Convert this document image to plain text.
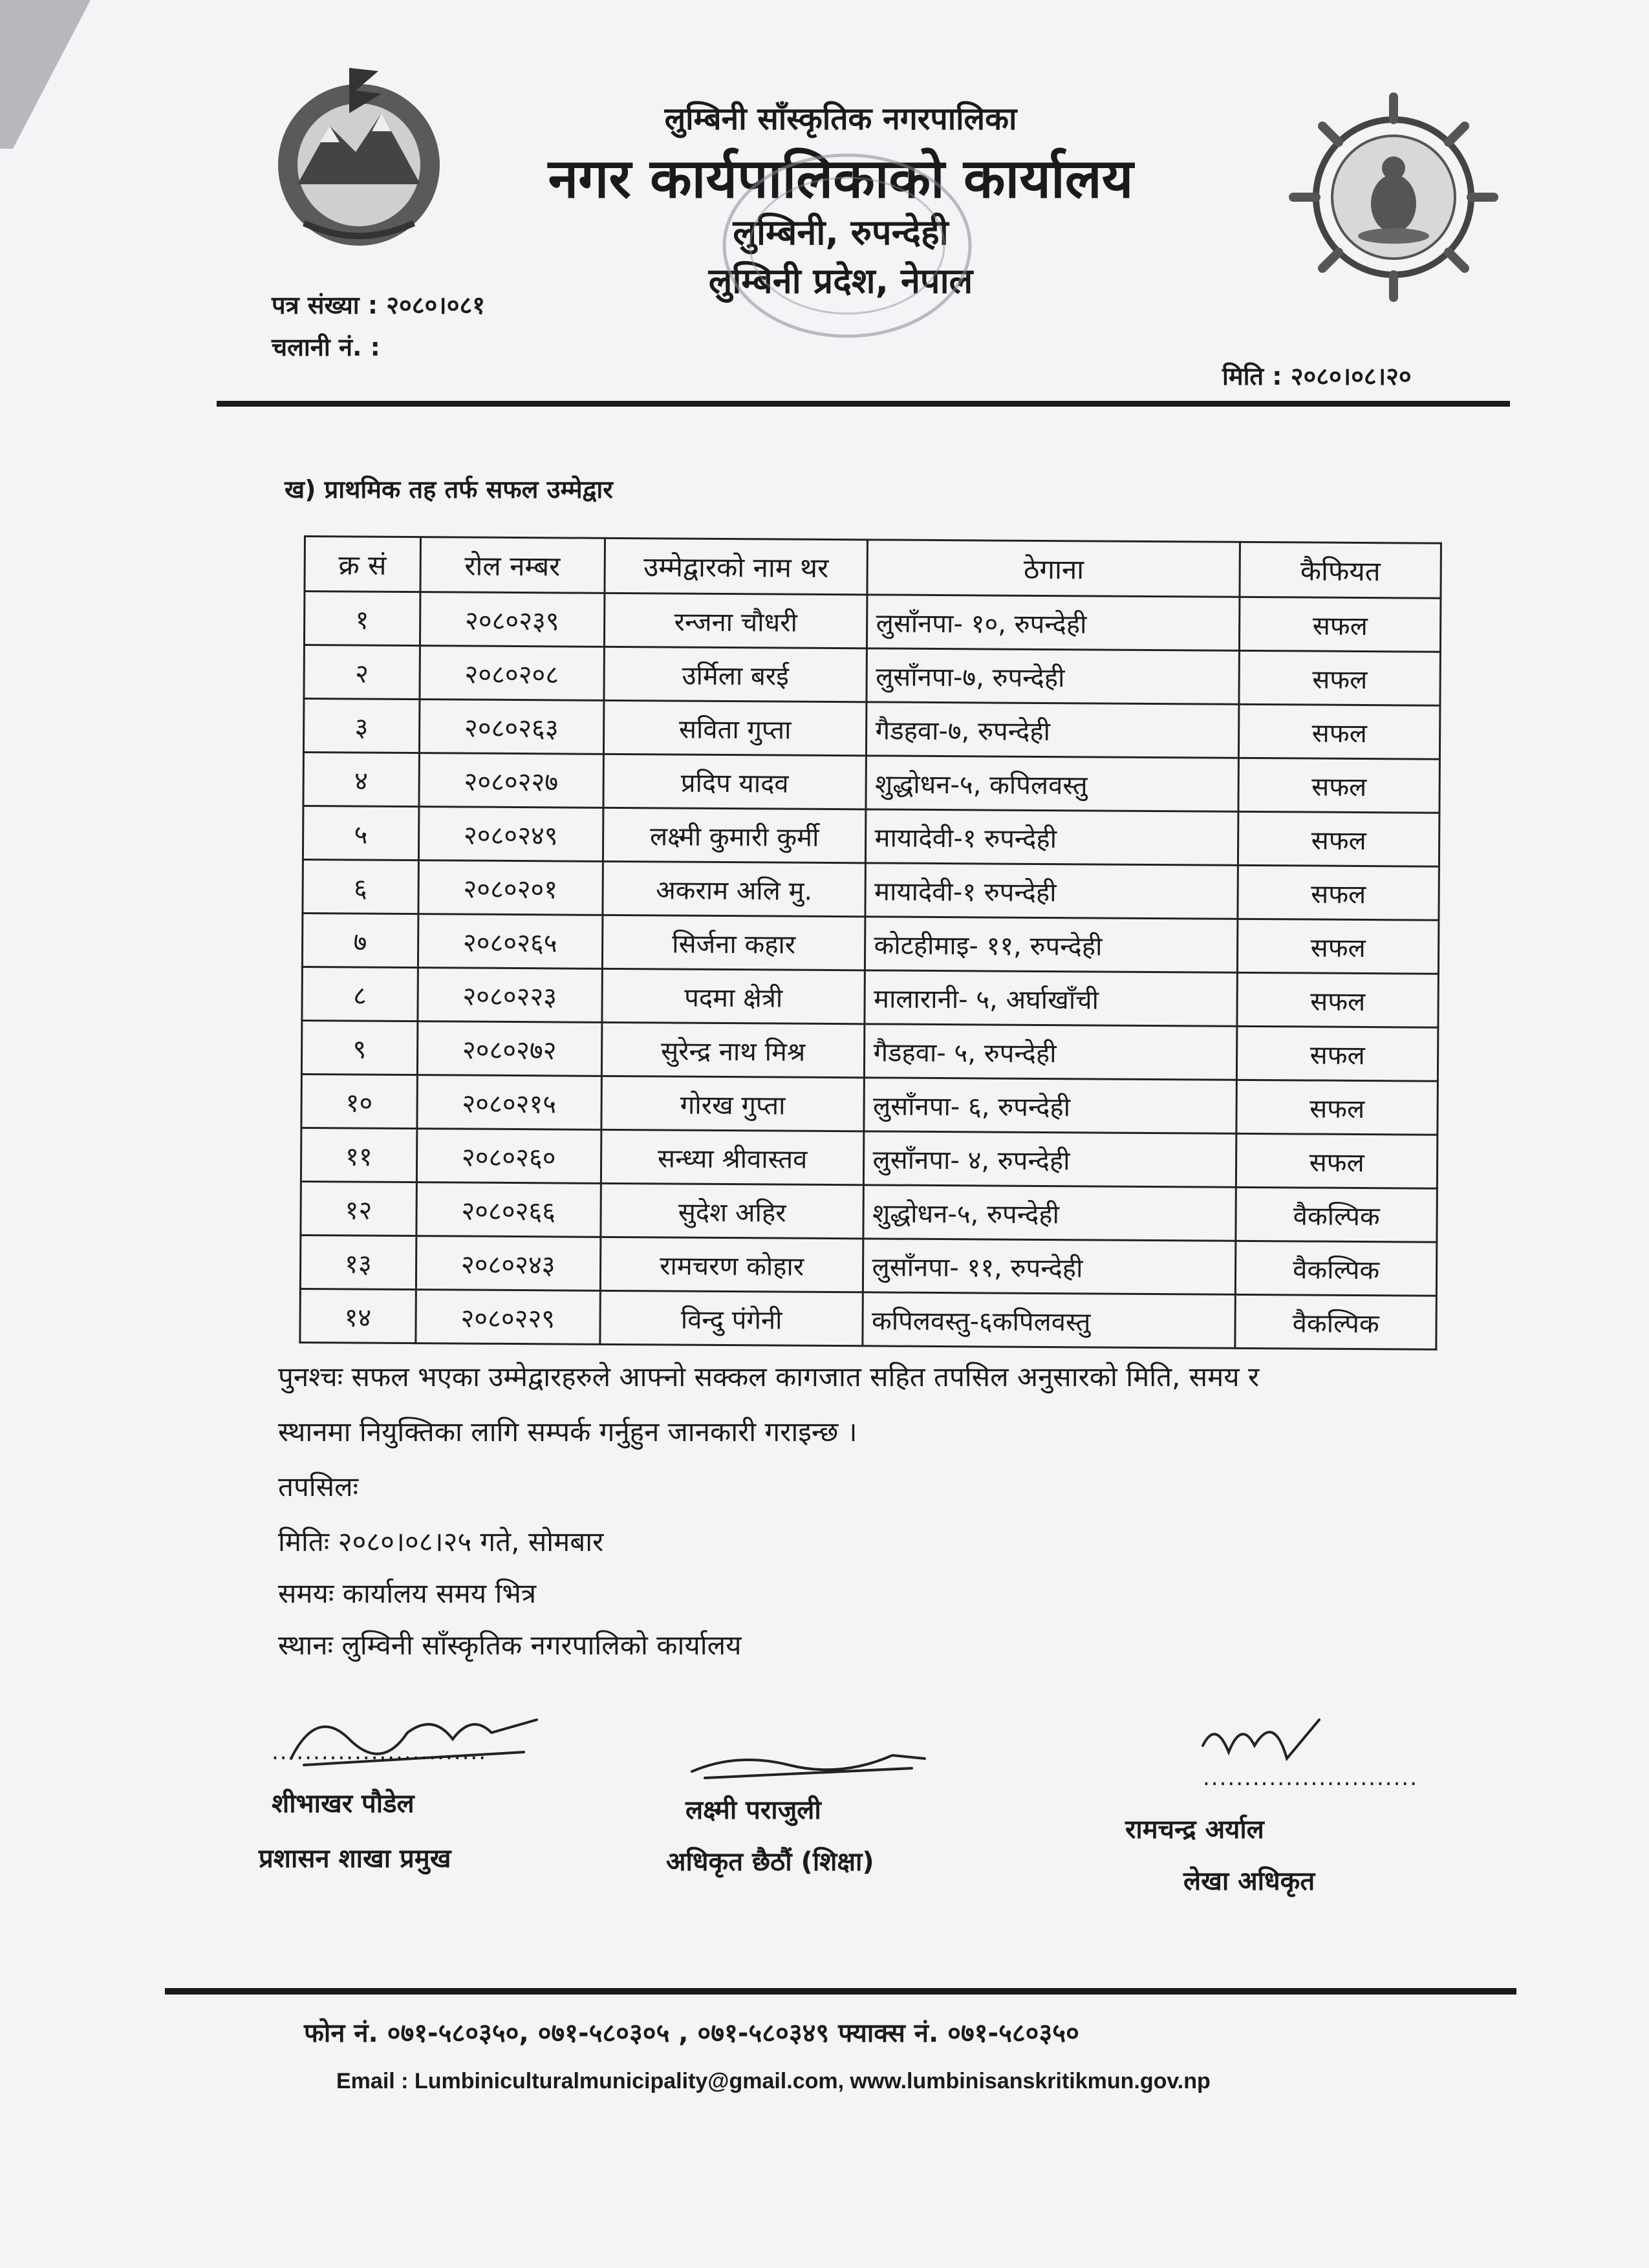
लुम्बिनी साँस्कृतिक नगरपालिका
नगर कार्यपालिकाको कार्यालय
लुम्बिनी, रुपन्देही
लुम्बिनी प्रदेश, नेपाल
पत्र संख्या : २०८०।०८१
चलानी नं. :
मिति : २०८०।०८।२०
ख) प्राथमिक तह तर्फ सफल उम्मेद्वार
क्र सं	रोल नम्बर	उम्मेद्वारको नाम थर	ठेगाना	कैफियत
१	२०८०२३९	रन्जना चौधरी	लुसाँनपा- १०, रुपन्देही	सफल
२	२०८०२०८	उर्मिला बरई	लुसाँनपा-७, रुपन्देही	सफल
३	२०८०२६३	सविता गुप्ता	गैडहवा-७, रुपन्देही	सफल
४	२०८०२२७	प्रदिप यादव	शुद्धोधन-५, कपिलवस्तु	सफल
५	२०८०२४९	लक्ष्मी कुमारी कुर्मी	मायादेवी-१ रुपन्देही	सफल
६	२०८०२०१	अकराम अलि मु.	मायादेवी-१ रुपन्देही	सफल
७	२०८०२६५	सिर्जना कहार	कोटहीमाइ- ११, रुपन्देही	सफल
८	२०८०२२३	पदमा क्षेत्री	मालारानी- ५, अर्घाखाँची	सफल
९	२०८०२७२	सुरेन्द्र नाथ मिश्र	गैडहवा- ५, रुपन्देही	सफल
१०	२०८०२१५	गोरख गुप्ता	लुसाँनपा- ६, रुपन्देही	सफल
११	२०८०२६०	सन्ध्या श्रीवास्तव	लुसाँनपा- ४, रुपन्देही	सफल
१२	२०८०२६६	सुदेश अहिर	शुद्धोधन-५, रुपन्देही	वैकल्पिक
१३	२०८०२४३	रामचरण कोहार	लुसाँनपा- ११, रुपन्देही	वैकल्पिक
१४	२०८०२२९	विन्दु पंगेनी	कपिलवस्तु-६कपिलवस्तु	वैकल्पिक
पुनश्चः सफल भएका उम्मेद्वारहरुले आफ्नो सक्कल कागजात सहित तपसिल अनुसारको मिति, समय र
स्थानमा नियुक्तिका लागि सम्पर्क गर्नुहुन जानकारी गराइन्छ ।
तपसिलः
मितिः २०८०।०८।२५ गते, सोमबार
समयः कार्यालय समय भित्र
स्थानः लुम्विनी साँस्कृतिक नगरपालिको कार्यालय
..........................
शीभाखर पौडेल
प्रशासन शाखा प्रमुख
लक्ष्मी पराजुली
अधिकृत छैठौं (शिक्षा)
..........................
रामचन्द्र अर्याल
लेखा अधिकृत
फोन नं. ०७१-५८०३५०, ०७१-५८०३०५ , ०७१-५८०३४९ फ्याक्स नं. ०७१-५८०३५०
Email : Lumbiniculturalmunicipality@gmail.com, www.lumbinisanskritikmun.gov.np
